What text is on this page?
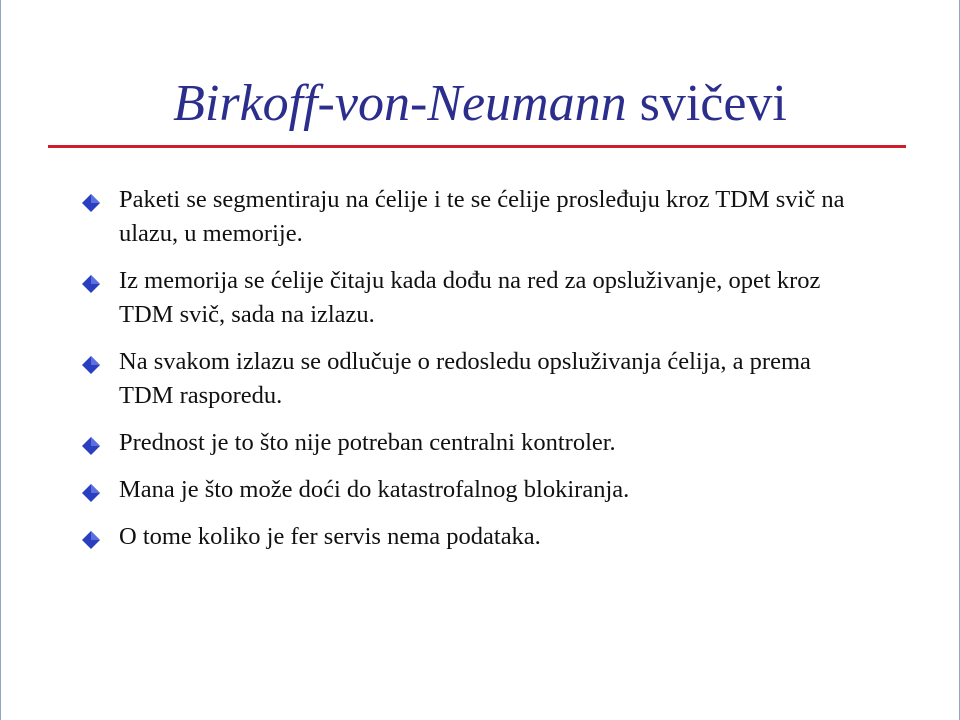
Birkoff-von-Neumann svičevi
Paketi se segmentiraju na ćelije i te se ćelije prosleđuju kroz TDM svič na ulazu, u memorije.
Iz memorija se ćelije čitaju kada dođu na red za opsluživanje, opet kroz TDM svič, sada na izlazu.
Na svakom izlazu se odlučuje o redosledu opsluživanja ćelija, a prema TDM rasporedu.
Prednost je to što nije potreban centralni kontroler.
Mana je što može doći do katastrofalnog blokiranja.
O tome koliko je fer servis nema podataka.
